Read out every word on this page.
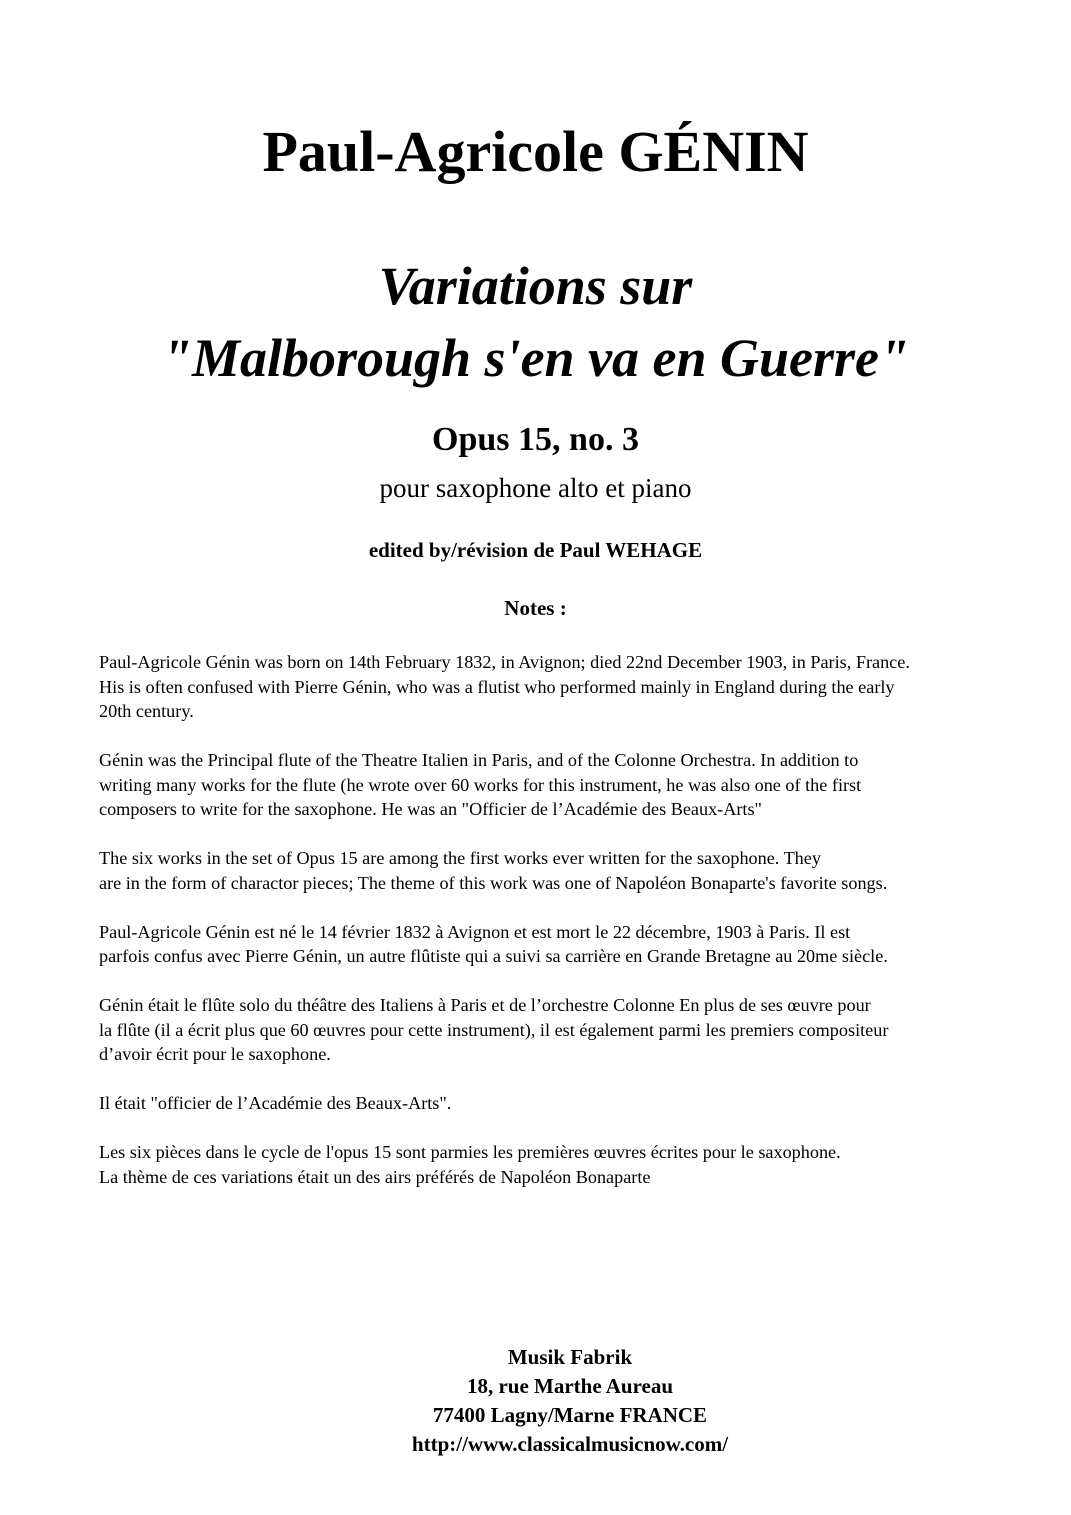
Paul-Agricole GÉNIN
Variations sur
"Malborough s'en va en Guerre"
Opus 15, no. 3
pour saxophone alto et piano
edited by/révision de Paul WEHAGE
Notes :

Paul-Agricole Génin was born on 14th February 1832, in Avignon; died 22nd December 1903, in Paris, France.
His is often confused with Pierre Génin, who was a flutist who performed mainly in England during the early
20th century.

Génin was the Principal flute of the Theatre Italien in Paris, and of the Colonne Orchestra. In addition to
writing many works for the flute (he wrote over 60 works for this instrument, he was also one of the first
composers to write for the saxophone. He was an "Officier de l’Académie des Beaux-Arts"

The six works in the set of Opus 15 are among the first works ever written for the saxophone. They
are in the form of charactor pieces; The theme of this work was one of Napoléon Bonaparte's favorite songs.

Paul-Agricole Génin est né le 14 février 1832 à Avignon et est mort le 22 décembre, 1903 à Paris. Il est
parfois confus avec Pierre Génin, un autre flûtiste qui a suivi sa carrière en Grande Bretagne au 20me siècle.

Génin était le flûte solo du théâtre des Italiens à Paris et de l’orchestre Colonne En plus de ses œuvre pour
la flûte (il a écrit plus que 60 œuvres pour cette instrument), il est également parmi les premiers compositeur
d’avoir écrit pour le saxophone.

Il était "officier de l’Académie des Beaux-Arts".

Les six pièces dans le cycle de l'opus 15 sont parmies les premières œuvres écrites pour le saxophone.
La thème de ces variations était un des airs préférés de Napoléon Bonaparte

Musik Fabrik
18, rue Marthe Aureau
77400 Lagny/Marne FRANCE
http://www.classicalmusicnow.com/
